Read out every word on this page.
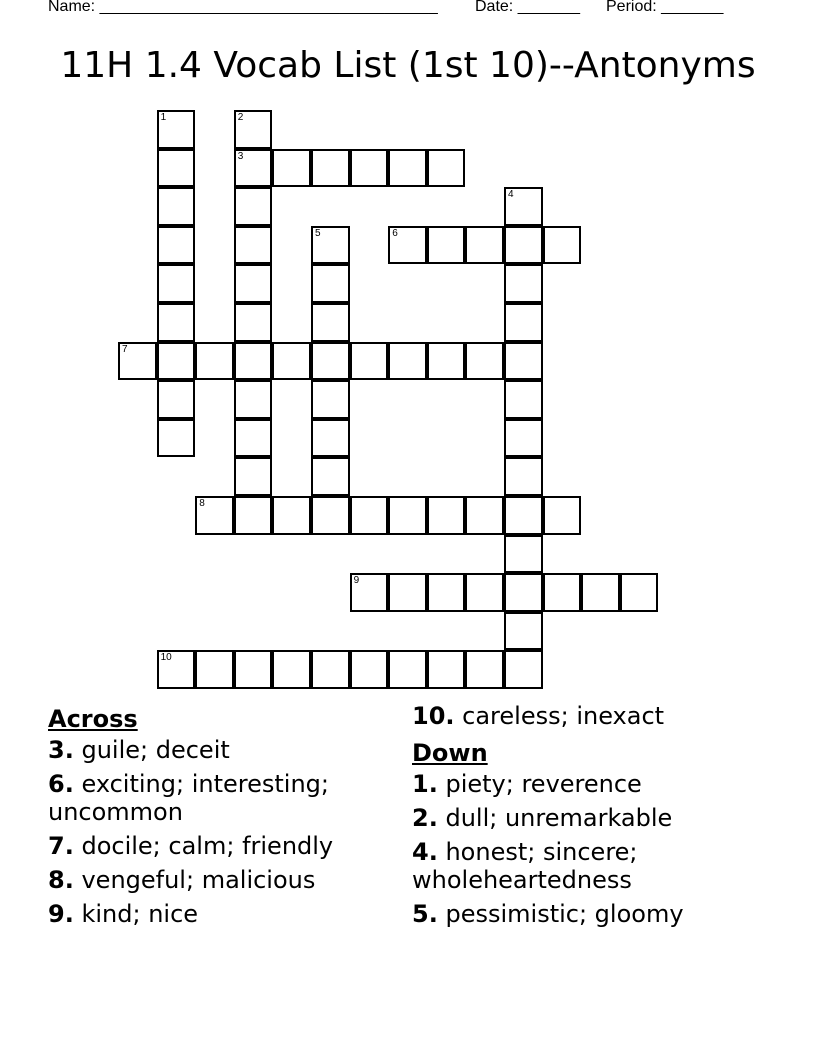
Name: ______________________________________ Date: _______ Period: _______
11H 1.4 Vocab List (1st 10)--Antonyms
1	2
3
4
5	6
7
8
9
10
Across
3. guile; deceit
6. exciting; interesting; uncommon
7. docile; calm; friendly
8. vengeful; malicious
9. kind; nice
10. careless; inexact
Down
1. piety; reverence
2. dull; unremarkable
4. honest; sincere; wholeheartedness
5. pessimistic; gloomy
